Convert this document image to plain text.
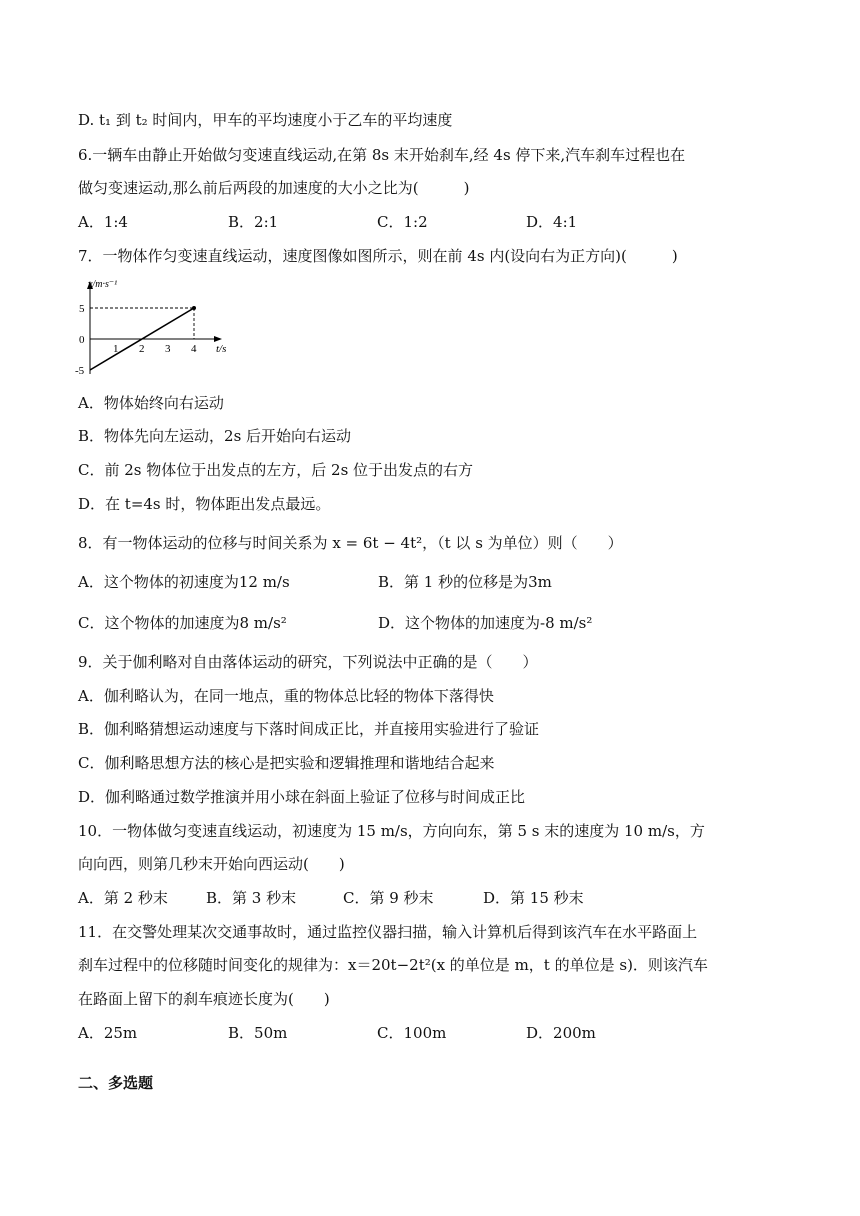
D. t₁ 到 t₂ 时间内，甲车的平均速度小于乙车的平均速度
6.一辆车由静止开始做匀变速直线运动,在第 8s 末开始刹车,经 4s 停下来,汽车刹车过程也在
做匀变速运动,那么前后两段的加速度的大小之比为(　　　)
A．1:4	B．2:1	C．1:2	D．4:1
7．一物体作匀变速直线运动，速度图像如图所示，则在前 4s 内(设向右为正方向)(　　　)
v/m·s⁻¹
t/s
1 2 3 4
5
0
-5
A．物体始终向右运动
B．物体先向左运动，2s 后开始向右运动
C．前 2s 物体位于出发点的左方，后 2s 位于出发点的右方
D．在 t=4s 时，物体距出发点最远。
8．有一物体运动的位移与时间关系为 x = 6t − 4t²，（t 以 s 为单位）则（　　）
A．这个物体的初速度为12 m/s	B．第 1 秒的位移是为3m
C．这个物体的加速度为8 m/s²	D．这个物体的加速度为-8 m/s²
9．关于伽利略对自由落体运动的研究，下列说法中正确的是（　　）
A．伽利略认为，在同一地点，重的物体总比轻的物体下落得快
B．伽利略猜想运动速度与下落时间成正比，并直接用实验进行了验证
C．伽利略思想方法的核心是把实验和逻辑推理和谐地结合起来
D．伽利略通过数学推演并用小球在斜面上验证了位移与时间成正比
10．一物体做匀变速直线运动，初速度为 15 m/s，方向向东，第 5 s 末的速度为 10 m/s，方
向向西，则第几秒末开始向西运动(　　)
A．第 2 秒末	B．第 3 秒末	C．第 9 秒末	D．第 15 秒末
11．在交警处理某次交通事故时，通过监控仪器扫描，输入计算机后得到该汽车在水平路面上
刹车过程中的位移随时间变化的规律为：x＝20t−2t²(x 的单位是 m，t 的单位是 s)．则该汽车
在路面上留下的刹车痕迹长度为(　　)
A．25m	B．50m	C．100m	D．200m
二、多选题
